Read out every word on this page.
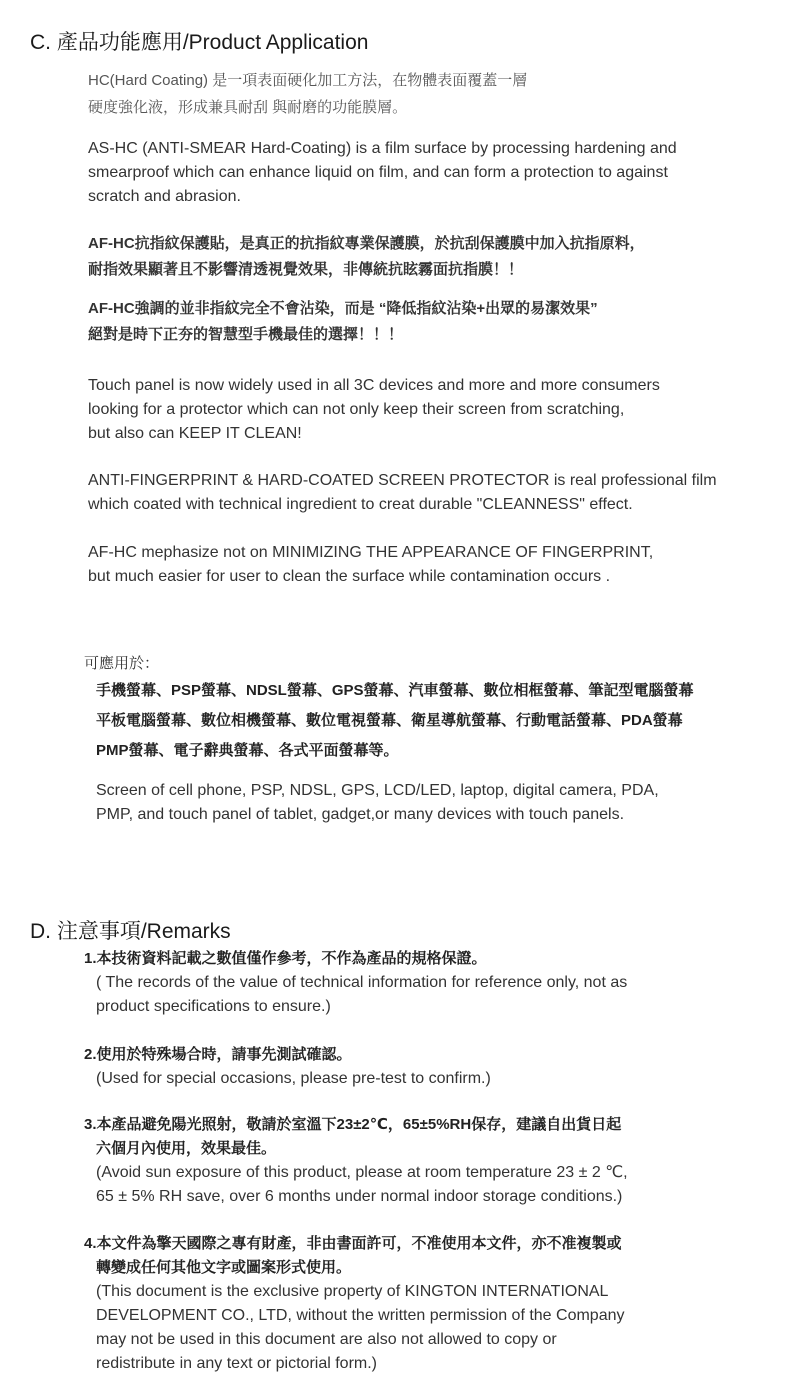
C. 產品功能應用/Product Application
HC(Hard Coating) 是一項表面硬化加工方法，在物體表面覆蓋一層
硬度強化液，形成兼具耐刮 與耐磨的功能膜層。
AS-HC (ANTI-SMEAR Hard-Coating) is a film surface by processing hardening and
smearproof which can enhance liquid on film, and can form a protection to against
scratch and abrasion.
AF-HC抗指紋保護貼，是真正的抗指紋專業保護膜，於抗刮保護膜中加入抗指原料，
耐指效果顯著且不影響清透視覺效果，非傳統抗眩霧面抗指膜！！
AF-HC強調的並非指紋完全不會沾染，而是 “降低指紋沾染+出眾的易潔效果”
絕對是時下正夯的智慧型手機最佳的選擇！！！
Touch panel is now widely used in all 3C devices and more and more consumers
looking for a protector which can not only keep their screen from scratching,
but also can KEEP IT CLEAN!
ANTI-FINGERPRINT & HARD-COATED SCREEN PROTECTOR is real professional film
which coated with technical ingredient to creat durable "CLEANNESS" effect.
AF-HC mephasize not on MINIMIZING THE APPEARANCE OF FINGERPRINT,
but much easier for user to clean the surface while contamination occurs .
可應用於：
手機螢幕、PSP螢幕、NDSL螢幕、GPS螢幕、汽車螢幕、數位相框螢幕、筆記型電腦螢幕
平板電腦螢幕、數位相機螢幕、數位電視螢幕、衛星導航螢幕、行動電話螢幕、PDA螢幕
PMP螢幕、電子辭典螢幕、各式平面螢幕等。
Screen of cell phone, PSP, NDSL, GPS, LCD/LED, laptop, digital camera, PDA,
PMP, and touch panel of tablet, gadget,or many devices with touch panels.
D. 注意事項/Remarks
1.本技術資料記載之數值僅作參考，不作為產品的規格保證。
( The records of the value of technical information for reference only, not as
product specifications to ensure.)
2.使用於特殊場合時，請事先測試確認。
(Used for special occasions, please pre-test to confirm.)
3.本產品避免陽光照射，敬請於室溫下23±2℃，65±5%RH保存，建議自出貨日起
六個月內使用，效果最佳。
(Avoid sun exposure of this product, please at room temperature 23 ± 2 ℃,
65 ± 5% RH save, over 6 months under normal indoor storage conditions.)
4.本文件為擎天國際之專有財產，非由書面許可，不准使用本文件，亦不准複製或
轉變成任何其他文字或圖案形式使用。
(This document is the exclusive property of KINGTON INTERNATIONAL
DEVELOPMENT CO., LTD, without the written permission of the Company
may not be used in this document are also not allowed to copy or
redistribute in any text or pictorial form.)
